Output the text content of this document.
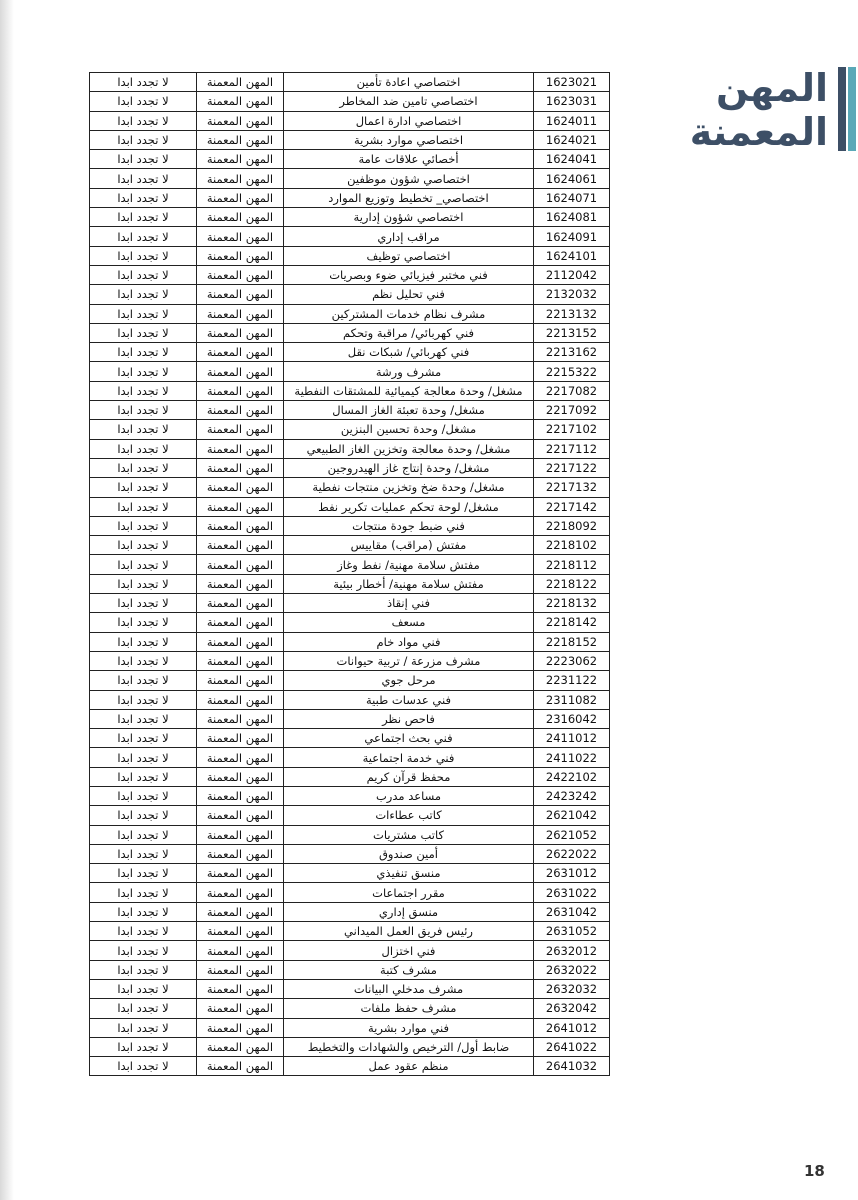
المهن
المعمنة
1623021	اختصاصي اعادة تأمين	المهن المعمنة	لا تجدد ابدا
1623031	اختصاصي تامين ضد المخاطر	المهن المعمنة	لا تجدد ابدا
1624011	اختصاصي ادارة اعمال	المهن المعمنة	لا تجدد ابدا
1624021	اختصاصي موارد بشرية	المهن المعمنة	لا تجدد ابدا
1624041	أخصائي علاقات عامة	المهن المعمنة	لا تجدد ابدا
1624061	اختصاصي شؤون موظفين	المهن المعمنة	لا تجدد ابدا
1624071	اختصاصي_ تخطيط وتوزيع الموارد	المهن المعمنة	لا تجدد ابدا
1624081	اختصاصي شؤون إدارية	المهن المعمنة	لا تجدد ابدا
1624091	مراقب إداري	المهن المعمنة	لا تجدد ابدا
1624101	اختصاصي توظيف	المهن المعمنة	لا تجدد ابدا
2112042	فني مختبر فيزيائي ضوء وبصريات	المهن المعمنة	لا تجدد ابدا
2132032	فني تحليل نظم	المهن المعمنة	لا تجدد ابدا
2213132	مشرف نظام خدمات المشتركين	المهن المعمنة	لا تجدد ابدا
2213152	فني كهربائي/ مراقبة وتحكم	المهن المعمنة	لا تجدد ابدا
2213162	فني كهربائي/ شبكات نقل	المهن المعمنة	لا تجدد ابدا
2215322	مشرف ورشة	المهن المعمنة	لا تجدد ابدا
2217082	مشغل/ وحدة معالجة كيميائية للمشتقات النفطية	المهن المعمنة	لا تجدد ابدا
2217092	مشغل/ وحدة تعبئة الغاز المسال	المهن المعمنة	لا تجدد ابدا
2217102	مشغل/ وحدة تحسين البنزين	المهن المعمنة	لا تجدد ابدا
2217112	مشغل/ وحدة معالجة وتخزين الغاز الطبيعي	المهن المعمنة	لا تجدد ابدا
2217122	مشغل/ وحدة إنتاج غاز الهيدروجين	المهن المعمنة	لا تجدد ابدا
2217132	مشغل/ وحدة ضخ وتخزين منتجات نفطية	المهن المعمنة	لا تجدد ابدا
2217142	مشغل/ لوحة تحكم عمليات تكرير نفط	المهن المعمنة	لا تجدد ابدا
2218092	فني ضبط جودة منتجات	المهن المعمنة	لا تجدد ابدا
2218102	مفتش (مراقب) مقاييس	المهن المعمنة	لا تجدد ابدا
2218112	مفتش سلامة مهنية/ نفط وغاز	المهن المعمنة	لا تجدد ابدا
2218122	مفتش سلامة مهنية/ أخطار بيئية	المهن المعمنة	لا تجدد ابدا
2218132	فني إنقاذ	المهن المعمنة	لا تجدد ابدا
2218142	مسعف	المهن المعمنة	لا تجدد ابدا
2218152	فني مواد خام	المهن المعمنة	لا تجدد ابدا
2223062	مشرف مزرعة / تربية حيوانات	المهن المعمنة	لا تجدد ابدا
2231122	مرحل جوي	المهن المعمنة	لا تجدد ابدا
2311082	فني عدسات طبية	المهن المعمنة	لا تجدد ابدا
2316042	فاحص نظر	المهن المعمنة	لا تجدد ابدا
2411012	فني بحث اجتماعي	المهن المعمنة	لا تجدد ابدا
2411022	فني خدمة اجتماعية	المهن المعمنة	لا تجدد ابدا
2422102	محفظ قرآن كريم	المهن المعمنة	لا تجدد ابدا
2423242	مساعد مدرب	المهن المعمنة	لا تجدد ابدا
2621042	كاتب عطاءات	المهن المعمنة	لا تجدد ابدا
2621052	كاتب مشتريات	المهن المعمنة	لا تجدد ابدا
2622022	أمين صندوق	المهن المعمنة	لا تجدد ابدا
2631012	منسق تنفيذي	المهن المعمنة	لا تجدد ابدا
2631022	مقرر اجتماعات	المهن المعمنة	لا تجدد ابدا
2631042	منسق إداري	المهن المعمنة	لا تجدد ابدا
2631052	رئيس فريق العمل الميداني	المهن المعمنة	لا تجدد ابدا
2632012	فني اختزال	المهن المعمنة	لا تجدد ابدا
2632022	مشرف كتبة	المهن المعمنة	لا تجدد ابدا
2632032	مشرف مدخلي البيانات	المهن المعمنة	لا تجدد ابدا
2632042	مشرف حفظ ملفات	المهن المعمنة	لا تجدد ابدا
2641012	فني موارد بشرية	المهن المعمنة	لا تجدد ابدا
2641022	ضابط أول/ الترخيص والشهادات والتخطيط	المهن المعمنة	لا تجدد ابدا
2641032	منظم عقود عمل	المهن المعمنة	لا تجدد ابدا
18
